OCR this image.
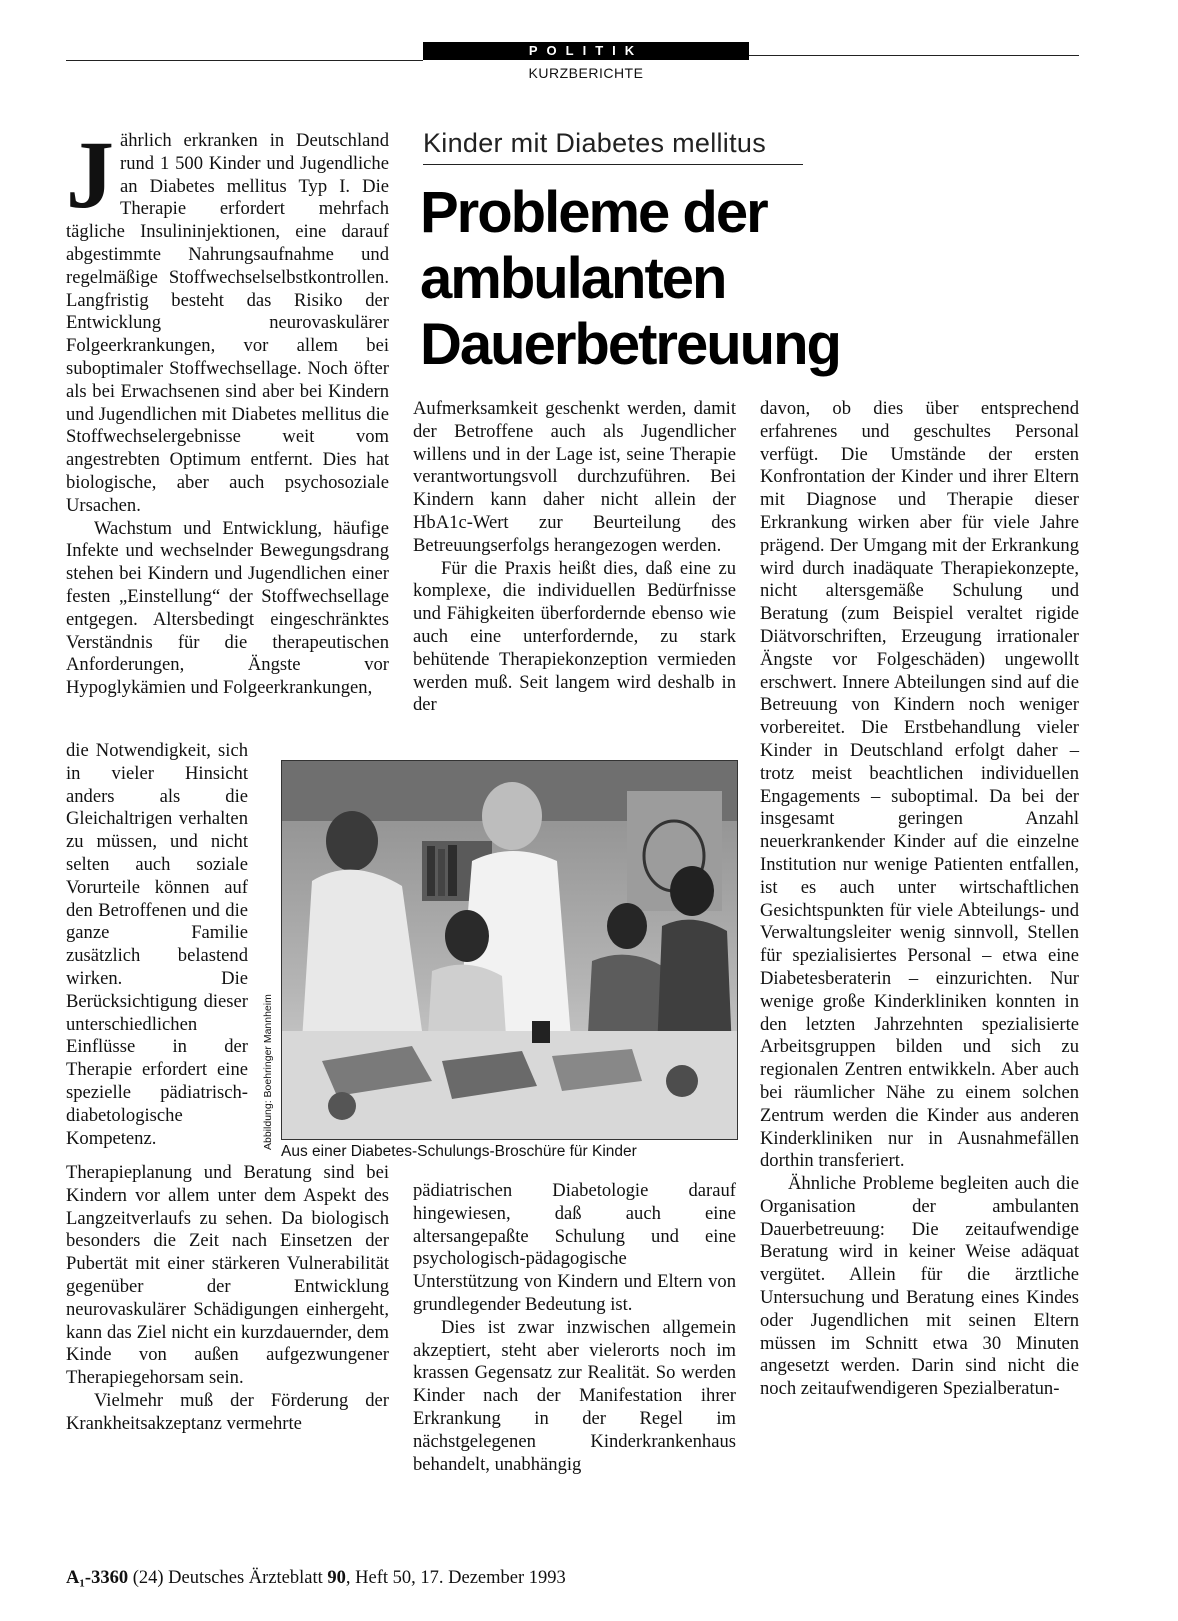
POLITIK
KURZBERICHTE
Kinder mit Diabetes mellitus
Probleme der
ambulanten
Dauerbetreuung

Jährlich erkranken in Deutschland rund 1 500 Kinder und Jugendliche an Diabetes mellitus Typ I. Die Therapie erfordert mehrfach tägliche Insulininjektionen, eine darauf abgestimmte Nahrungsaufnahme und regelmäßige Stoffwechselselbstkontrollen. Langfristig besteht das Risiko der Entwicklung neurovaskulärer Folgeerkrankungen, vor allem bei suboptimaler Stoffwechsellage. Noch öfter als bei Erwachsenen sind aber bei Kindern und Jugendlichen mit Diabetes mellitus die Stoffwechselergebnisse weit vom angestrebten Optimum entfernt. Dies hat biologische, aber auch psychosoziale Ursachen.

Wachstum und Entwicklung, häufige Infekte und wechselnder Bewegungsdrang stehen bei Kindern und Jugendlichen einer festen „Einstellung“ der Stoffwechsellage entgegen. Altersbedingt eingeschränktes Verständnis für die therapeutischen Anforderungen, Ängste vor Hypoglykämien und Folgeerkrankungen,

die Notwendigkeit, sich in vieler Hinsicht anders als die Gleichaltrigen verhalten zu müssen, und nicht selten auch soziale Vorurteile können auf den Betroffenen und die ganze Familie zusätzlich belastend wirken. Die Berücksichtigung dieser unterschiedlichen Einflüsse in der Therapie erfordert eine spezielle pädiatrisch-diabetologische Kompetenz.

Therapieplanung und Beratung sind bei Kindern vor allem unter dem Aspekt des Langzeitverlaufs zu sehen. Da biologisch besonders die Zeit nach Einsetzen der Pubertät mit einer stärkeren Vulnerabilität gegenüber der Entwicklung neurovaskulärer Schädigungen einhergeht, kann das Ziel nicht ein kurzdauernder, dem Kinde von außen aufgezwungener Therapiegehorsam sein.

Vielmehr muß der Förderung der Krankheitsakzeptanz vermehrte

Aufmerksamkeit geschenkt werden, damit der Betroffene auch als Jugendlicher willens und in der Lage ist, seine Therapie verantwortungsvoll durchzuführen. Bei Kindern kann daher nicht allein der HbA1c-Wert zur Beurteilung des Betreuungserfolgs herangezogen werden.

Für die Praxis heißt dies, daß eine zu komplexe, die individuellen Bedürfnisse und Fähigkeiten überfordernde ebenso wie auch eine unterfordernde, zu stark behütende Therapiekonzeption vermieden werden muß. Seit langem wird deshalb in der

Abbildung: Boehringer Mannheim
Aus einer Diabetes-Schulungs-Broschüre für Kinder

pädiatrischen Diabetologie darauf hingewiesen, daß auch eine altersangepaßte Schulung und eine psychologisch-pädagogische Unterstützung von Kindern und Eltern von grundlegender Bedeutung ist.

Dies ist zwar inzwischen allgemein akzeptiert, steht aber vielerorts noch im krassen Gegensatz zur Realität. So werden Kinder nach der Manifestation ihrer Erkrankung in der Regel im nächstgelegenen Kinderkrankenhaus behandelt, unabhängig

davon, ob dies über entsprechend erfahrenes und geschultes Personal verfügt. Die Umstände der ersten Konfrontation der Kinder und ihrer Eltern mit Diagnose und Therapie dieser Erkrankung wirken aber für viele Jahre prägend. Der Umgang mit der Erkrankung wird durch inadäquate Therapiekonzepte, nicht altersgemäße Schulung und Beratung (zum Beispiel veraltet rigide Diätvorschriften, Erzeugung irrationaler Ängste vor Folgeschäden) ungewollt erschwert. Innere Abteilungen sind auf die Betreuung von Kindern noch weniger vorbereitet. Die Erstbehandlung vieler Kinder in Deutschland erfolgt daher – trotz meist beachtlichen individuellen Engagements – suboptimal. Da bei der insgesamt geringen Anzahl neuerkrankender Kinder auf die einzelne Institution nur wenige Patienten entfallen, ist es auch unter wirtschaftlichen Gesichtspunkten für viele Abteilungs- und Verwaltungsleiter wenig sinnvoll, Stellen für spezialisiertes Personal – etwa eine Diabetesberaterin – einzurichten. Nur wenige große Kinderkliniken konnten in den letzten Jahrzehnten spezialisierte Arbeitsgruppen bilden und sich zu regionalen Zentren entwikkeln. Aber auch bei räumlicher Nähe zu einem solchen Zentrum werden die Kinder aus anderen Kinderkliniken nur in Ausnahmefällen dorthin transferiert.

Ähnliche Probleme begleiten auch die Organisation der ambulanten Dauerbetreuung: Die zeitaufwendige Beratung wird in keiner Weise adäquat vergütet. Allein für die ärztliche Untersuchung und Beratung eines Kindes oder Jugendlichen mit seinen Eltern müssen im Schnitt etwa 30 Minuten angesetzt werden. Darin sind nicht die noch zeitaufwendigeren Spezialberatun-

A₁-3360 (24) Deutsches Ärzteblatt 90, Heft 50, 17. Dezember 1993
